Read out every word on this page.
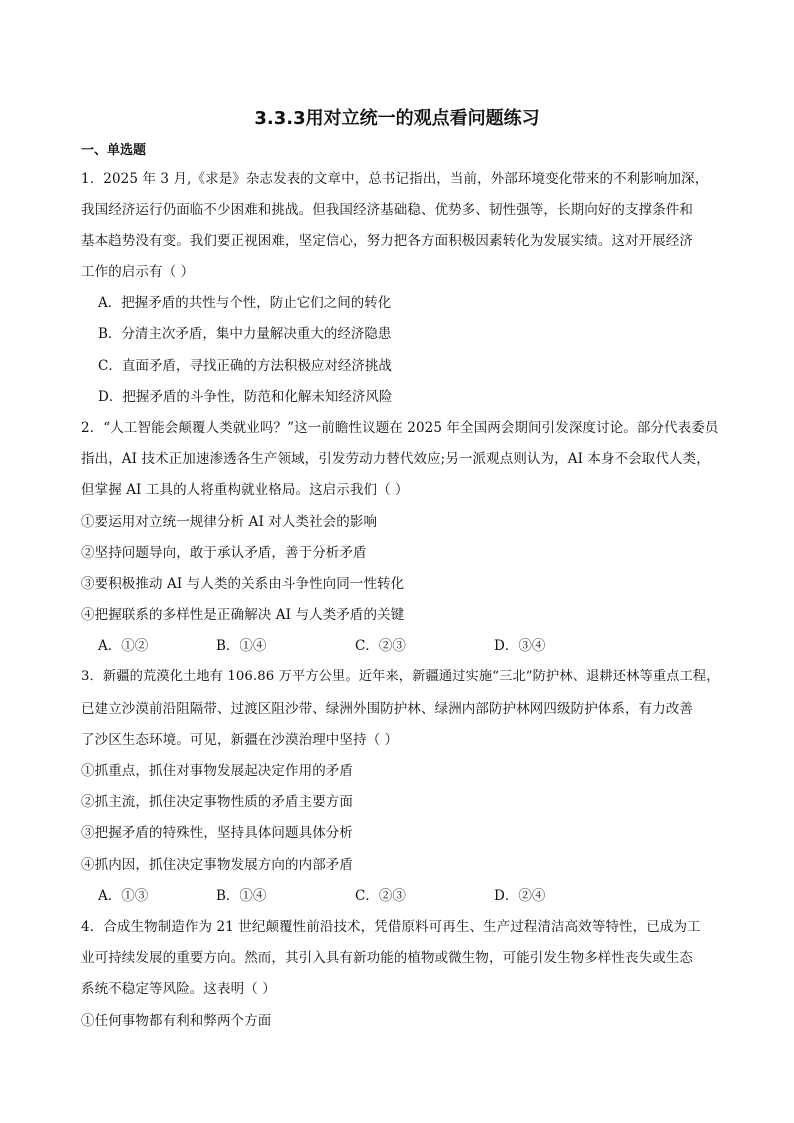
3.3.3用对立统一的观点看问题练习
一、单选题
1．2025 年 3 月,《求是》杂志发表的文章中，总书记指出，当前，外部环境变化带来的不利影响加深，
我国经济运行仍面临不少困难和挑战。但我国经济基础稳、优势多、韧性强等，长期向好的支撑条件和
基本趋势没有变。我们要正视困难，坚定信心，努力把各方面积极因素转化为发展实绩。这对开展经济
工作的启示有（ ）
A．把握矛盾的共性与个性，防止它们之间的转化
B．分清主次矛盾，集中力量解决重大的经济隐患
C．直面矛盾，寻找正确的方法积极应对经济挑战
D．把握矛盾的斗争性，防范和化解未知经济风险
2．“人工智能会颠覆人类就业吗？”这一前瞻性议题在 2025 年全国两会期间引发深度讨论。部分代表委员
指出，AI 技术正加速渗透各生产领域，引发劳动力替代效应;另一派观点则认为，AI 本身不会取代人类，
但掌握 AI 工具的人将重构就业格局。这启示我们（ ）
①要运用对立统一规律分析 AI 对人类社会的影响
②坚持问题导向，敢于承认矛盾，善于分析矛盾
③要积极推动 AI 与人类的关系由斗争性向同一性转化
④把握联系的多样性是正确解决 AI 与人类矛盾的关键
A．①②	B．①④	C．②③	D．③④
3．新疆的荒漠化土地有 106.86 万平方公里。近年来，新疆通过实施“三北”防护林、退耕还林等重点工程，
已建立沙漠前沿阻隔带、过渡区阻沙带、绿洲外围防护林、绿洲内部防护林网四级防护体系，有力改善
了沙区生态环境。可见，新疆在沙漠治理中坚持（ ）
①抓重点，抓住对事物发展起决定作用的矛盾
②抓主流，抓住决定事物性质的矛盾主要方面
③把握矛盾的特殊性，坚持具体问题具体分析
④抓内因，抓住决定事物发展方向的内部矛盾
A．①③	B．①④	C．②③	D．②④
4．合成生物制造作为 21 世纪颠覆性前沿技术，凭借原料可再生、生产过程清洁高效等特性，已成为工
业可持续发展的重要方向。然而，其引入具有新功能的植物或微生物，可能引发生物多样性丧失或生态
系统不稳定等风险。这表明（ ）
①任何事物都有利和弊两个方面
